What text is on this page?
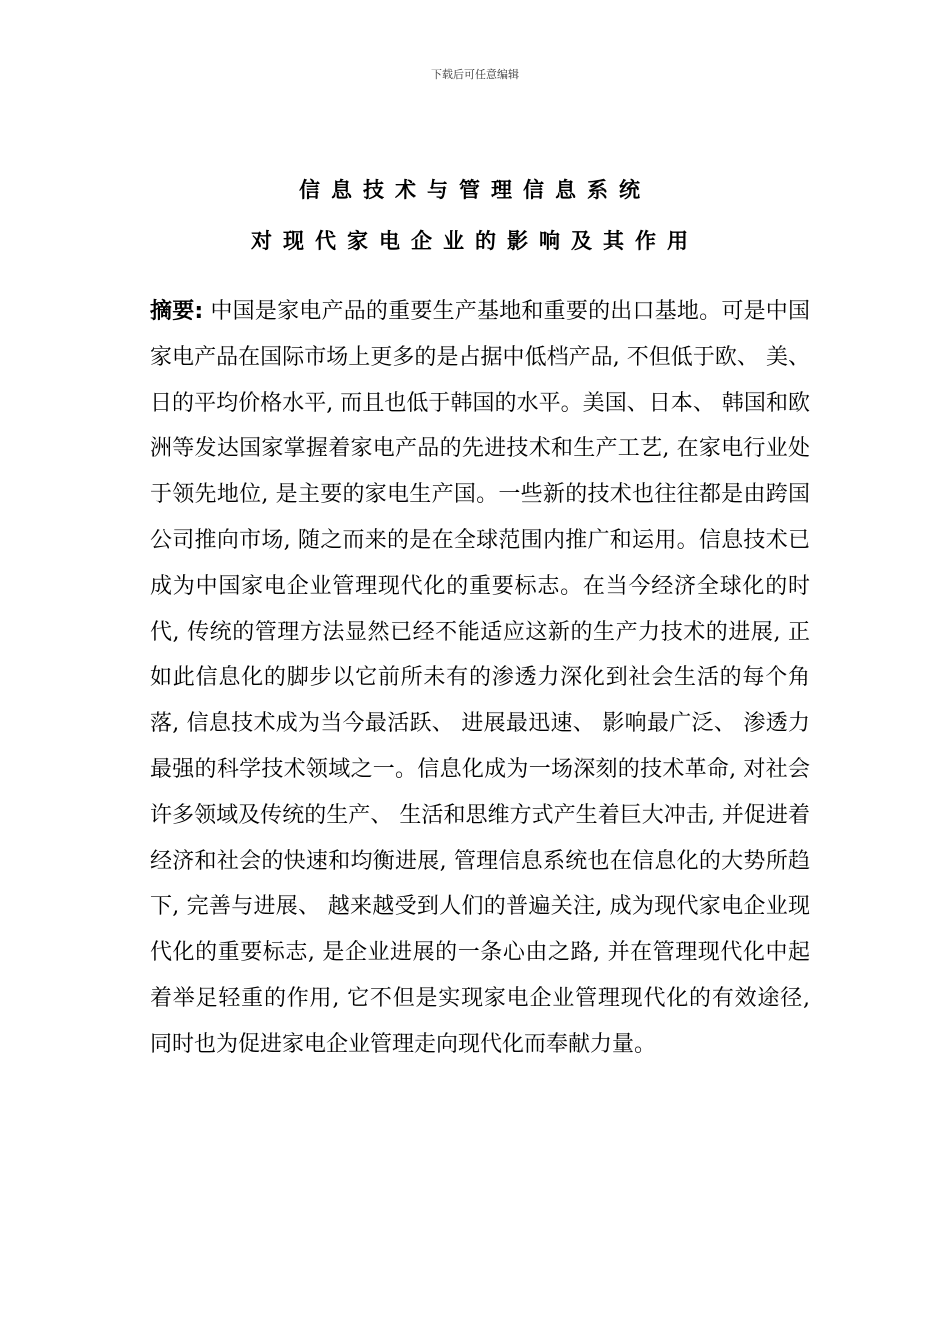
下载后可任意编辑
信息技术与管理信息系统
对现代家电企业的影响及其作用
摘要: 中国是家电产品的重要生产基地和重要的出口基地。可是中国家电产品在国际市场上更多的是占据中低档产品, 不但低于欧、 美、 日的平均价格水平, 而且也低于韩国的水平。美国、日本、 韩国和欧洲等发达国家掌握着家电产品的先进技术和生产工艺, 在家电行业处于领先地位, 是主要的家电生产国。一些新的技术也往往都是由跨国公司推向市场, 随之而来的是在全球范围内推广和运用。信息技术已成为中国家电企业管理现代化的重要标志。在当今经济全球化的时代, 传统的管理方法显然已经不能适应这新的生产力技术的进展, 正如此信息化的脚步以它前所未有的渗透力深化到社会生活的每个角落, 信息技术成为当今最活跃、 进展最迅速、 影响最广泛、 渗透力最强的科学技术领域之一。信息化成为一场深刻的技术革命, 对社会许多领域及传统的生产、 生活和思维方式产生着巨大冲击, 并促进着经济和社会的快速和均衡进展, 管理信息系统也在信息化的大势所趋下, 完善与进展、 越来越受到人们的普遍关注, 成为现代家电企业现代化的重要标志, 是企业进展的一条心由之路, 并在管理现代化中起着举足轻重的作用, 它不但是实现家电企业管理现代化的有效途径, 同时也为促进家电企业管理走向现代化而奉献力量。
